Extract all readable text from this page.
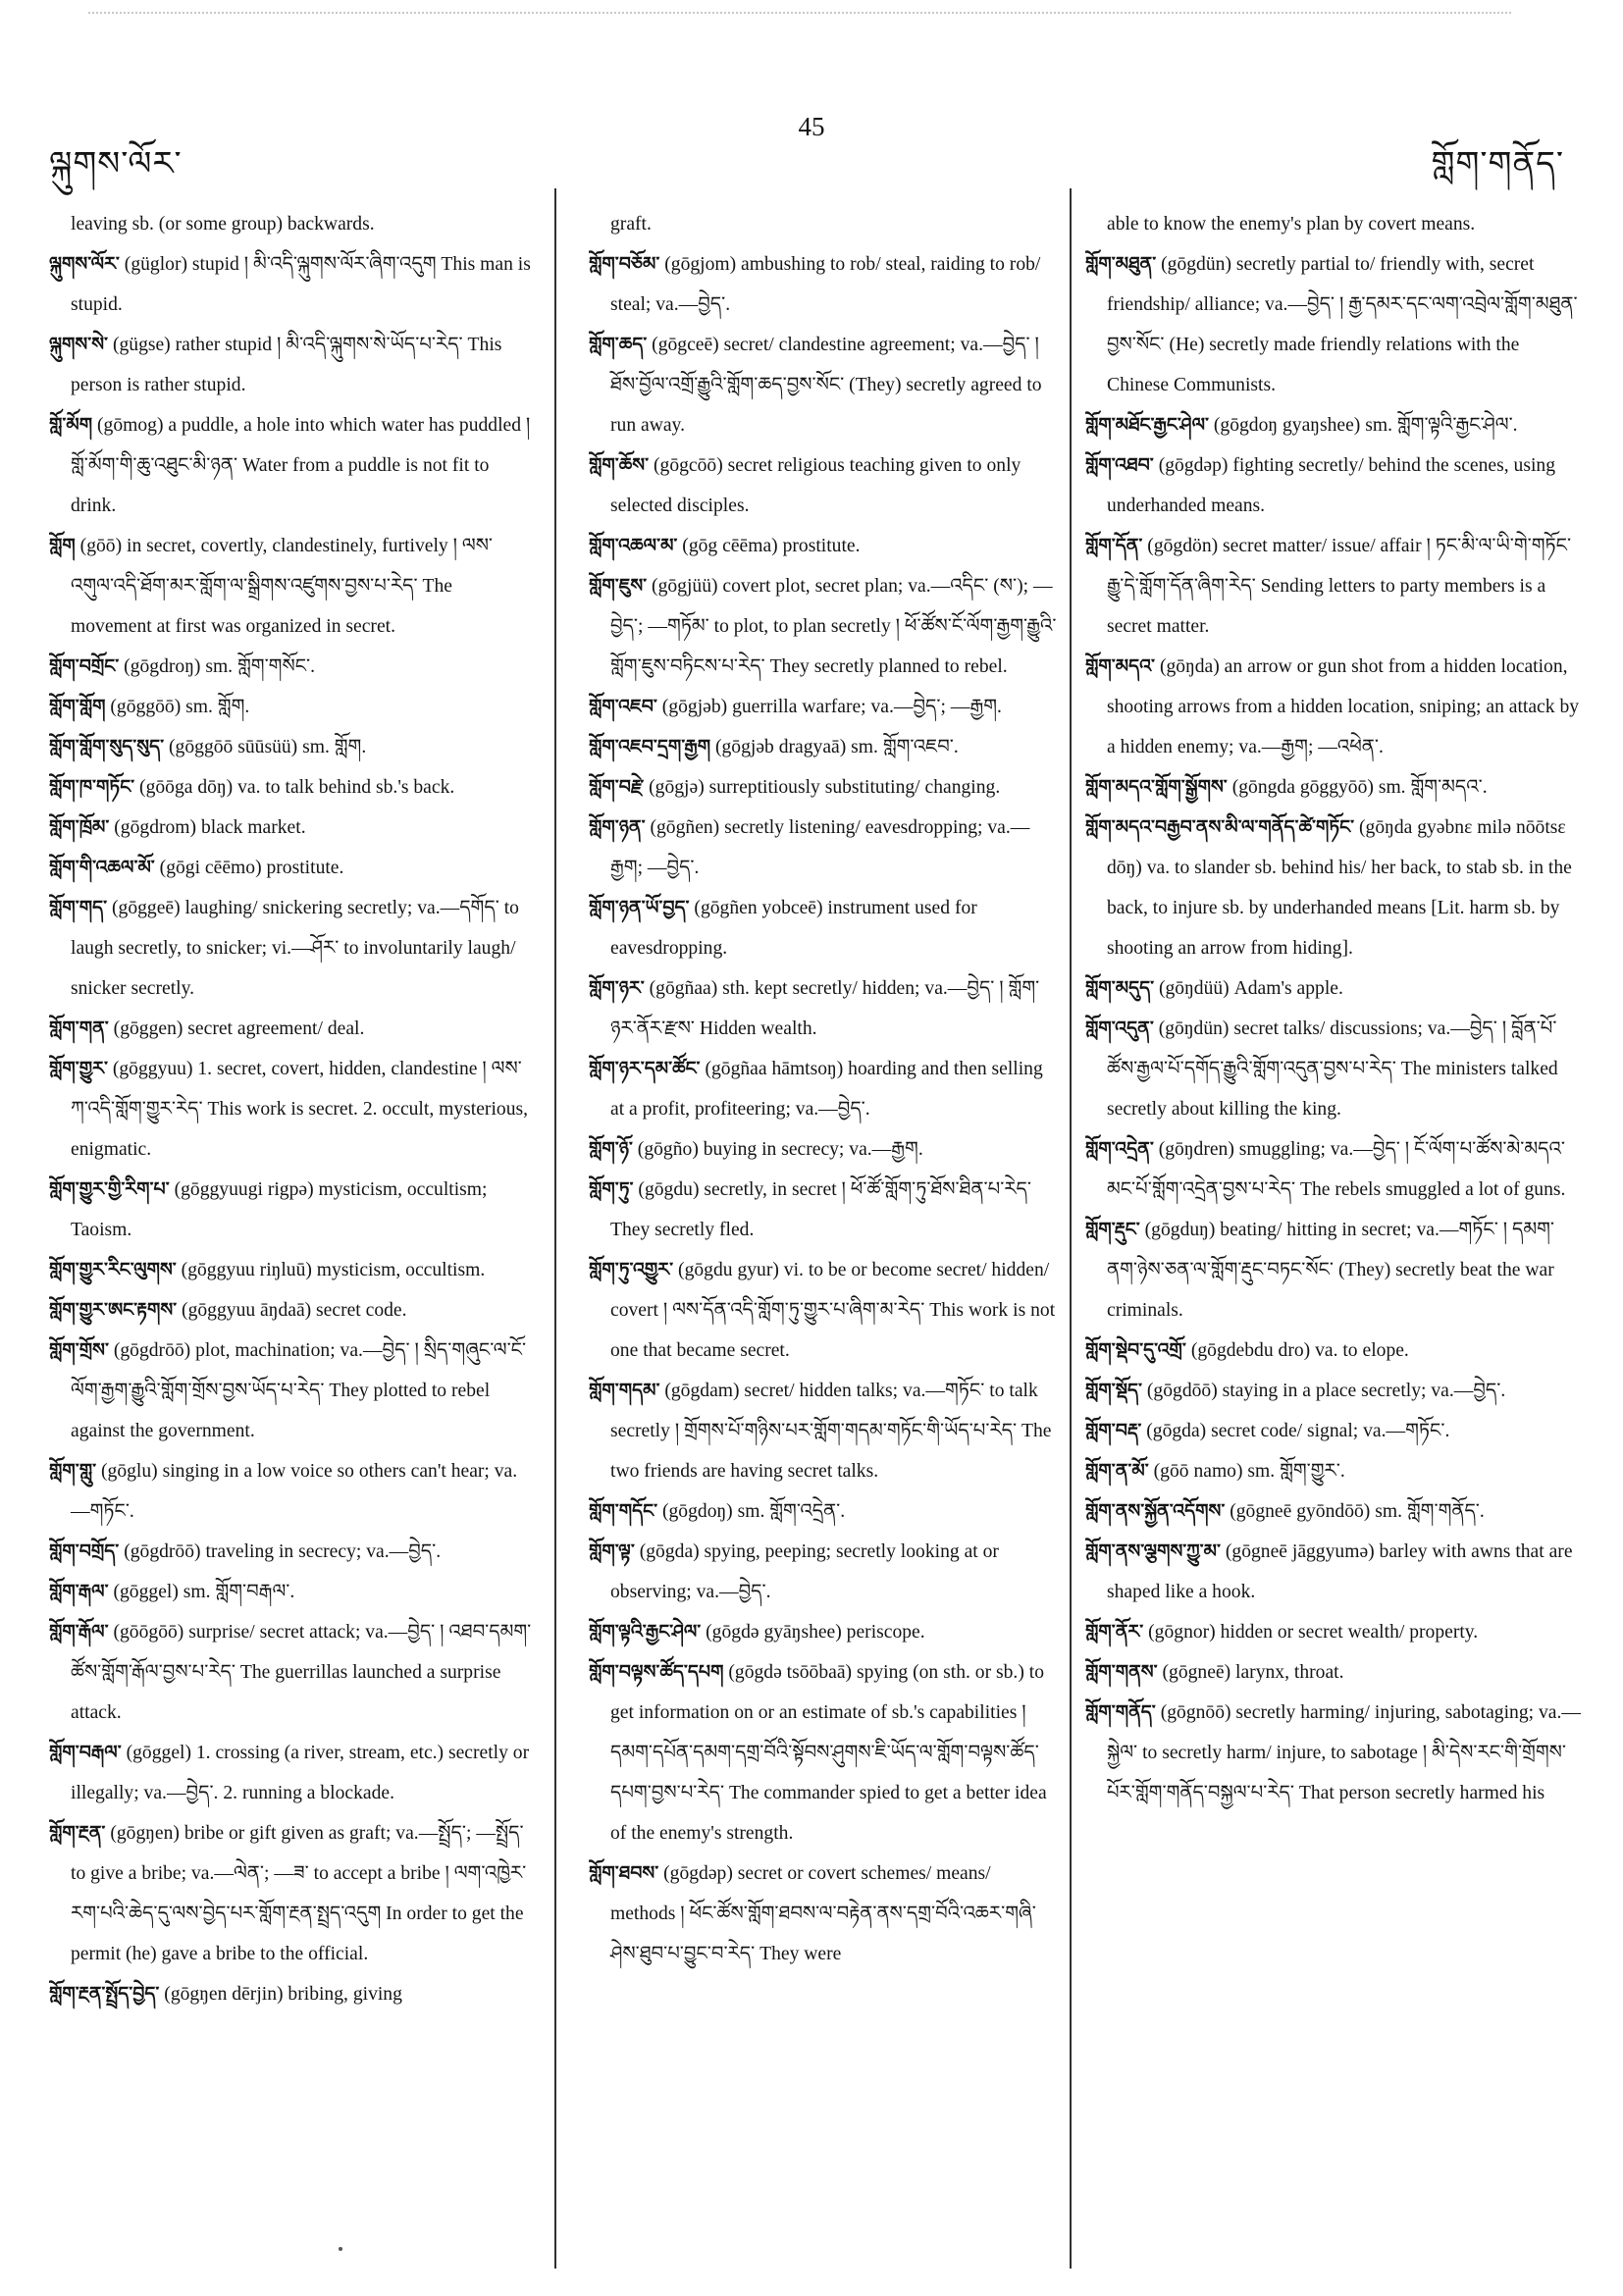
ལྐུགས་ལོར་
45
གློག་གནོད་

leaving sb. (or some group) backwards.

ལྐུགས་ལོར་ (güglor) stupid ། མི་འདི་ལྐུགས་ལོར་ཞིག་འདུག This man is stupid.

ལྐུགས་སེ་ (gügse) rather stupid ། མི་འདི་ལྐུགས་སེ་ཡོད་པ་རེད་ This person is rather stupid.

གློ་མོག (gōmog) a puddle, a hole into which water has puddled ། གློ་མོག་གི་ཆུ་འཐུང་མི་ཉན་ Water from a puddle is not fit to drink.

གློག (gōō) in secret, covertly, clandestinely, furtively ། ལས་འགུལ་འདི་ཐོག་མར་གློག་ལ་སྒྲིགས་འཛུགས་བྱས་པ་རེད་ The movement at first was organized in secret.

གློག་བགྲོང་ (gōgdroŋ) sm. གློག་གསོང་.

གློག་གློག (gōggōō) sm. གློག.

གློག་གློག་སུད་སུད་ (gōggōō sūūsüü) sm. གློག.

གློག་ཁ་གཏོང་ (gōōga dōŋ) va. to talk behind sb.'s back.

གློག་ཁྲོམ་ (gōgdrom) black market.

གློག་གི་འཆལ་མོ་ (gōgi cēēmo) prostitute.

གློག་གད་ (gōggeē) laughing/ snickering secretly; va.—དགོད་ to laugh secretly, to snicker; vi.—ཤོར་ to involuntarily laugh/ snicker secretly.

གློག་གན་ (gōggen) secret agreement/ deal.

གློག་གྱུར་ (gōggyuu) 1. secret, covert, hidden, clandestine ། ལས་ཀ་འདི་གློག་གྱུར་རེད་ This work is secret. 2. occult, mysterious, enigmatic.

གློག་གྱུར་གྱི་རིག་པ་ (gōggyuugi rigpə) mysticism, occultism; Taoism.

གློག་གྱུར་རིང་ལུགས་ (gōggyuu riŋluū) mysticism, occultism.

གློག་གྱུར་ཨང་རྟགས་ (gōggyuu āŋdaā) secret code.

གློག་གྲོས་ (gōgdrōō) plot, machination; va.—བྱེད་ ། སྲིད་གཞུང་ལ་ངོ་ལོག་རྒྱག་རྒྱུའི་གློག་གྲོས་བྱས་ཡོད་པ་རེད་ They plotted to rebel against the government.

གློག་གླུ་ (gōglu) singing in a low voice so others can't hear; va.—གཏོང་.

གློག་བགྲོད་ (gōgdrōō) traveling in secrecy; va.—བྱེད་.

གློག་རྒལ་ (gōggel) sm. གློག་བརྒལ་.

གློག་རྒོལ་ (gōōgōō) surprise/ secret attack; va.—བྱེད་ ། འཐབ་དམག་ཚོས་གློག་རྒོལ་བྱས་པ་རེད་ The guerrillas launched a surprise attack.

གློག་བརྒལ་ (gōggel) 1. crossing (a river, stream, etc.) secretly or illegally; va.—བྱེད་. 2. running a blockade.

གློག་རྔན་ (gōgŋen) bribe or gift given as graft; va.—སྤྲོད་; —སྤྲོད་ to give a bribe; va.—ལེན་; —ཟ་ to accept a bribe ། ལག་འཁྱེར་རག་པའི་ཆེད་དུ་ལས་བྱེད་པར་གློག་རྔན་སྤྲད་འདུག In order to get the permit (he) gave a bribe to the official.

གློག་རྔན་སྤྲོད་བྱེད་ (gōgŋen dērjin) bribing, giving

graft.

གློག་བཅོམ་ (gōgjom) ambushing to rob/ steal, raiding to rob/ steal; va.—བྱེད་.

གློག་ཆད་ (gōgceē) secret/ clandestine agreement; va.—བྱེད་ ། ཐོས་བྱོལ་འགྲོ་རྒྱུའི་གློག་ཆད་བྱས་སོང་ (They) secretly agreed to run away.

གློག་ཆོས་ (gōgcōō) secret religious teaching given to only selected disciples.

གློག་འཆལ་མ་ (gōg cēēma) prostitute.

གློག་ཇུས་ (gōgjüü) covert plot, secret plan; va.—འདིང་ (ས་); —བྱེད་; —གཏོམ་ to plot, to plan secretly ། ཕོ་ཚོས་ངོ་ལོག་རྒྱག་རྒྱུའི་གློག་ཇུས་བཏིངས་པ་རེད་ They secretly planned to rebel.

གློག་འཇབ་ (gōgjəb) guerrilla warfare; va.—བྱེད་; —རྒྱག.

གློག་འཇབ་དྲག་རྒྱག (gōgjəb dragyaā) sm. གློག་འཇབ་.

གློག་བརྗེ་ (gōgjə) surreptitiously substituting/ changing.

གློག་ཉན་ (gōgñen) secretly listening/ eavesdropping; va.—རྒྱག; —བྱེད་.

གློག་ཉན་ཡོ་བྱད་ (gōgñen yobceē) instrument used for eavesdropping.

གློག་ཉར་ (gōgñaa) sth. kept secretly/ hidden; va.—བྱེད་ ། གློག་ཉར་ནོར་རྫས་ Hidden wealth.

གློག་ཉར་དམ་ཚོང་ (gōgñaa hāmtsoŋ) hoarding and then selling at a profit, profiteering; va.—བྱེད་.

གློག་ཉོ་ (gōgño) buying in secrecy; va.—རྒྱག.

གློག་ཏུ་ (gōgdu) secretly, in secret ། ཕོ་ཚོ་གློག་ཏུ་ཐོས་ཐིན་པ་རེད་ They secretly fled.

གློག་ཏུ་འགྱུར་ (gōgdu gyur) vi. to be or become secret/ hidden/ covert ། ལས་དོན་འདི་གློག་ཏུ་གྱུར་པ་ཞིག་མ་རེད་ This work is not one that became secret.

གློག་གདམ་ (gōgdam) secret/ hidden talks; va.—གཏོང་ to talk secretly ། གྲོགས་པོ་གཉིས་པར་གློག་གདམ་གཏོང་གི་ཡོད་པ་རེད་ The two friends are having secret talks.

གློག་གདོང་ (gōgdoŋ) sm. གློག་འདྲེན་.

གློག་ལྟ་ (gōgda) spying, peeping; secretly looking at or observing; va.—བྱེད་.

གློག་ལྟའི་རྒྱང་ཤེལ་ (gōgdə gyāŋshee) periscope.

གློག་བལྟས་ཚོད་དཔག (gōgdə tsōōbaā) spying (on sth. or sb.) to get information on or an estimate of sb.'s capabilities ། དམག་དཔོན་དམག་དགྲ་བོའི་སྟོབས་ཤུགས་ཇི་ཡོད་ལ་གློག་བལྟས་ཚོད་དཔག་བྱས་པ་རེད་ The commander spied to get a better idea of the enemy's strength.

གློག་ཐབས་ (gōgdəp) secret or covert schemes/ means/ methods ། ཕོང་ཚོས་གློག་ཐབས་ལ་བརྟེན་ནས་དགྲ་བོའི་འཆར་གཞི་ཤེས་ཐུབ་པ་བྱུང་བ་རེད་ They were

able to know the enemy's plan by covert means.

གློག་མཐུན་ (gōgdün) secretly partial to/ friendly with, secret friendship/ alliance; va.—བྱེད་ ། རྒྱ་དམར་དང་ལག་འབྲེལ་གློག་མཐུན་བྱས་སོང་ (He) secretly made friendly relations with the Chinese Communists.

གློག་མཐོང་རྒྱང་ཤེལ་ (gōgdoŋ gyaŋshee) sm. གློག་ལྟའི་རྒྱང་ཤེལ་.

གློག་འཐབ་ (gōgdəp) fighting secretly/ behind the scenes, using underhanded means.

གློག་དོན་ (gōgdön) secret matter/ issue/ affair ། ཏང་མི་ལ་ཡི་གེ་གཏོང་རྒྱུ་དེ་གློག་དོན་ཞིག་རེད་ Sending letters to party members is a secret matter.

གློག་མདའ་ (gōŋda) an arrow or gun shot from a hidden location, shooting arrows from a hidden location, sniping; an attack by a hidden enemy; va.—རྒྱག; —འཕེན་.

གློག་མདའ་གློག་སྒྱོགས་ (gōngda gōggyōō) sm. གློག་མདའ་.

གློག་མདའ་བརྒྱབ་ནས་མི་ལ་གནོད་ཚེ་གཏོང་ (gōŋda gyəbnε milə nōōtsε dōŋ) va. to slander sb. behind his/ her back, to stab sb. in the back, to injure sb. by underhanded means [Lit. harm sb. by shooting an arrow from hiding].

གློག་མདུད་ (gōŋdüü) Adam's apple.

གློག་འདུན་ (gōŋdün) secret talks/ discussions; va.—བྱེད་ ། བློན་པོ་ཚོས་རྒྱལ་པོ་དགོད་རྒྱུའི་གློག་འདུན་བྱས་པ་རེད་ The ministers talked secretly about killing the king.

གློག་འདྲེན་ (gōŋdren) smuggling; va.—བྱེད་ ། ངོ་ལོག་པ་ཚོས་མེ་མདའ་མང་པོ་གློག་འདྲེན་བྱས་པ་རེད་ The rebels smuggled a lot of guns.

གློག་རྡུང་ (gōgduŋ) beating/ hitting in secret; va.—གཏོང་ ། དམག་ནག་ཉེས་ཅན་ལ་གློག་རྡུང་བཏང་སོང་ (They) secretly beat the war criminals.

གློག་སྡེབ་དུ་འགྲོ་ (gōgdebdu dro) va. to elope.

གློག་སྡོད་ (gōgdōō) staying in a place secretly; va.—བྱེད་.

གློག་བརྡ་ (gōgda) secret code/ signal; va.—གཏོང་.

གློག་ན་མོ་ (gōō namo) sm. གློག་གྱུར་.

གློག་ནས་སྐྱོན་འདོགས་ (gōgneē gyōndōō) sm. གློག་གནོད་.

གློག་ནས་ལྕགས་ཀྱུ་མ་ (gōgneē jāggyumə) barley with awns that are shaped like a hook.

གློག་ནོར་ (gōgnor) hidden or secret wealth/ property.

གློག་གནས་ (gōgneē) larynx, throat.

གློག་གནོད་ (gōgnōō) secretly harming/ injuring, sabotaging; va.—སྐྱེལ་ to secretly harm/ injure, to sabotage ། མི་དེས་རང་གི་གྲོགས་པོར་གློག་གནོད་བསྐྱལ་པ་རེད་ That person secretly harmed his
